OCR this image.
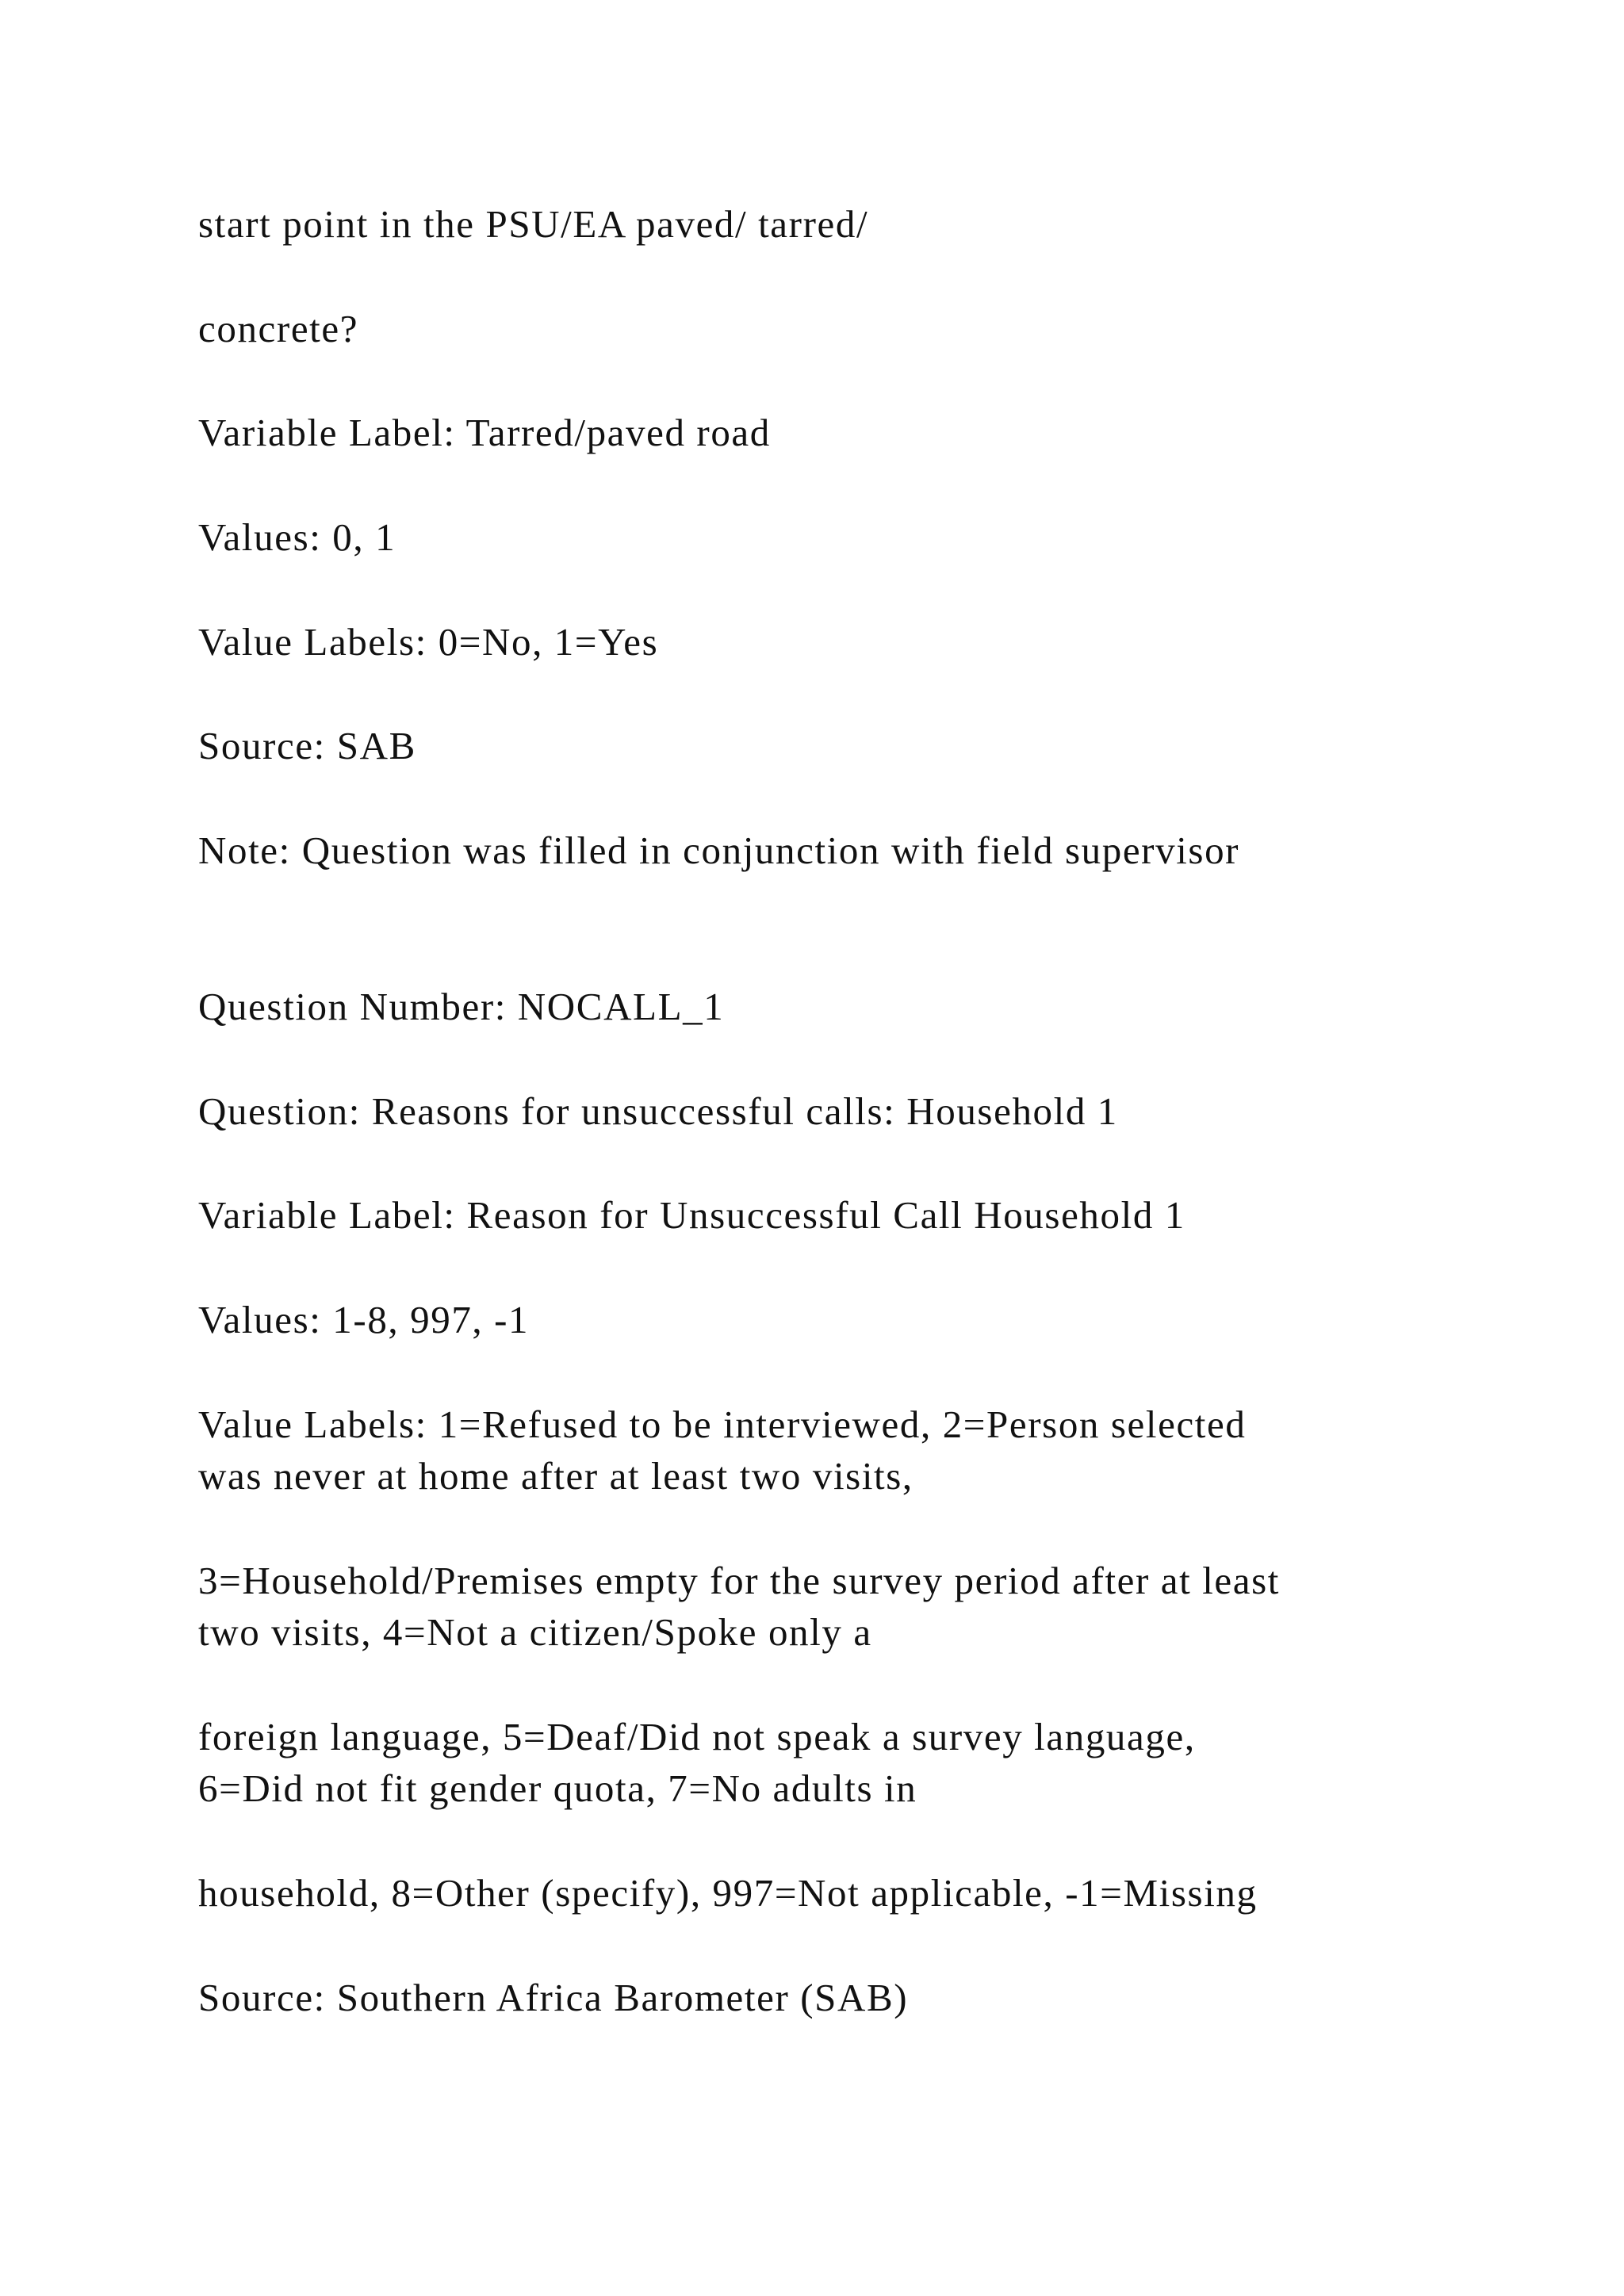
start point in the PSU/EA paved/ tarred/

concrete?

Variable Label: Tarred/paved road

Values: 0, 1

Value Labels: 0=No, 1=Yes

Source: SAB

Note: Question was filled in conjunction with field supervisor

Question Number: NOCALL_1

Question: Reasons for unsuccessful calls: Household 1

Variable Label: Reason for Unsuccessful Call Household 1

Values: 1-8, 997, -1

Value Labels: 1=Refused to be interviewed, 2=Person selected

was never at home after at least two visits,

3=Household/Premises empty for the survey period after at least

two visits, 4=Not a citizen/Spoke only a

foreign language, 5=Deaf/Did not speak a survey language,

6=Did not fit gender quota, 7=No adults in

household, 8=Other (specify), 997=Not applicable, -1=Missing

Source: Southern Africa Barometer (SAB)
